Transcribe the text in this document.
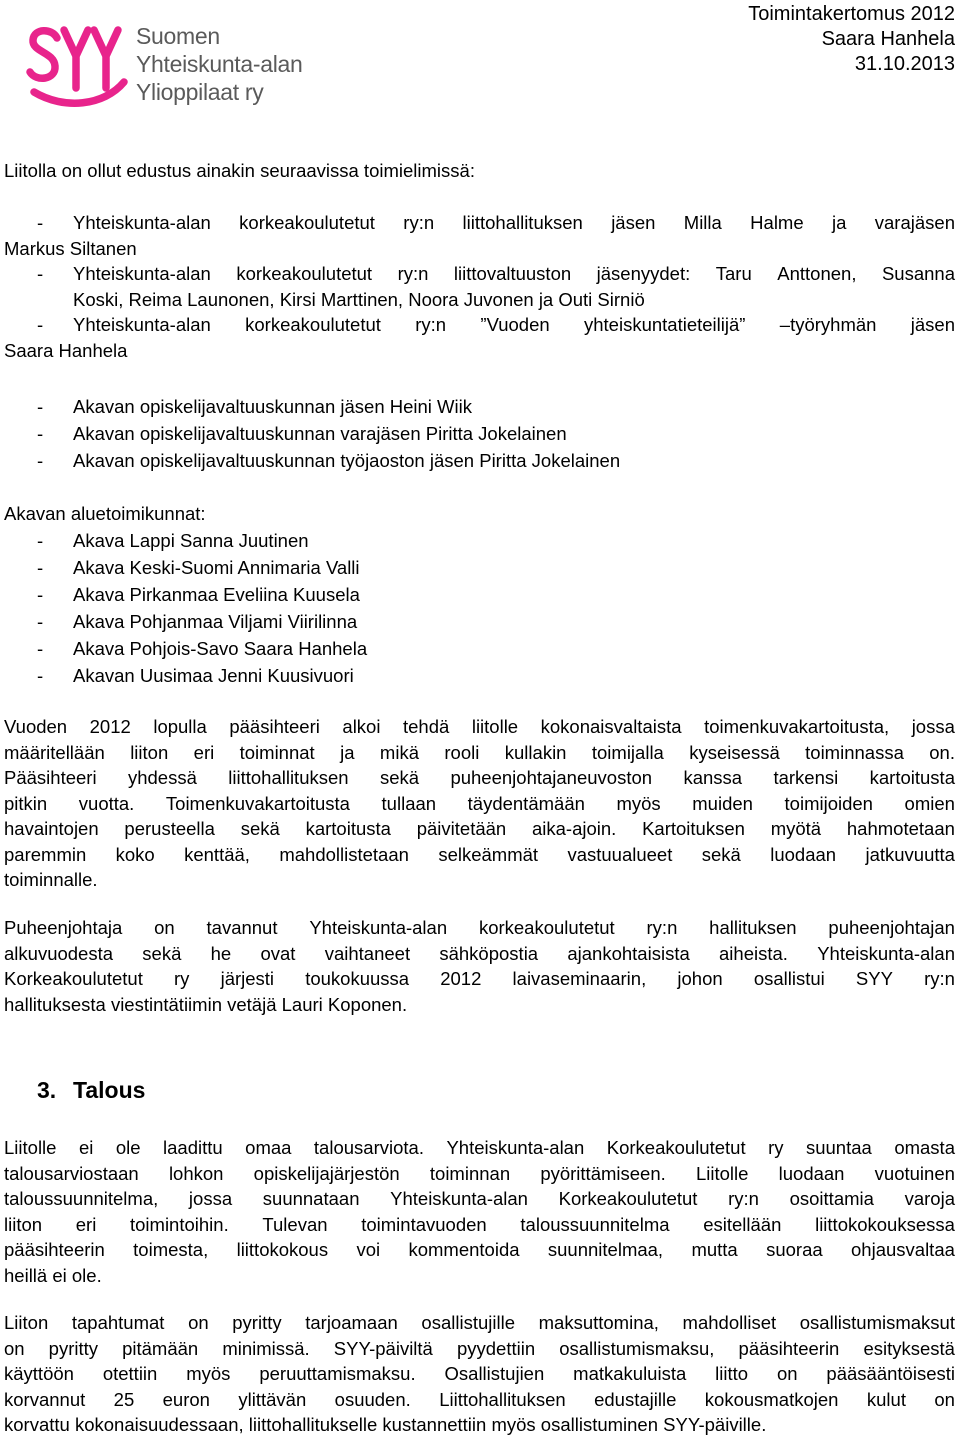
Suomen
Yhteiskunta-alan
Ylioppilaat ry
Toimintakertomus 2012
Saara Hanhela
31.10.2013
Liitolla on ollut edustus ainakin seuraavissa toimielimissä:
- Yhteiskunta-alan korkeakoulutetut ry:n liittohallituksen jäsen Milla Halme ja varajäsen
Markus Siltanen
- Yhteiskunta-alan korkeakoulutetut ry:n liittovaltuuston jäsenyydet: Taru Anttonen, Susanna
Koski, Reima Launonen, Kirsi Marttinen, Noora Juvonen ja Outi Sirniö
- Yhteiskunta-alan korkeakoulutetut ry:n ”Vuoden yhteiskuntatieteilijä” –työryhmän jäsen
Saara Hanhela
- Akavan opiskelijavaltuuskunnan jäsen Heini Wiik
- Akavan opiskelijavaltuuskunnan varajäsen Piritta Jokelainen
- Akavan opiskelijavaltuuskunnan työjaoston jäsen Piritta Jokelainen
Akavan aluetoimikunnat:
- Akava Lappi Sanna Juutinen
- Akava Keski-Suomi Annimaria Valli
- Akava Pirkanmaa Eveliina Kuusela
- Akava Pohjanmaa Viljami Viirilinna
- Akava Pohjois-Savo Saara Hanhela
- Akavan Uusimaa Jenni Kuusivuori
Vuoden 2012 lopulla pääsihteeri alkoi tehdä liitolle kokonaisvaltaista toimenkuvakartoitusta, jossa
määritellään liiton eri toiminnat ja mikä rooli kullakin toimijalla kyseisessä toiminnassa on.
Pääsihteeri yhdessä liittohallituksen sekä puheenjohtajaneuvoston kanssa tarkensi kartoitusta
pitkin vuotta. Toimenkuvakartoitusta tullaan täydentämään myös muiden toimijoiden omien
havaintojen perusteella sekä kartoitusta päivitetään aika-ajoin. Kartoituksen myötä hahmotetaan
paremmin koko kenttää, mahdollistetaan selkeämmät vastuualueet sekä luodaan jatkuvuutta
toiminnalle.
Puheenjohtaja on tavannut Yhteiskunta-alan korkeakoulutetut ry:n hallituksen puheenjohtajan
alkuvuodesta sekä he ovat vaihtaneet sähköpostia ajankohtaisista aiheista. Yhteiskunta-alan
Korkeakoulutetut ry järjesti toukokuussa 2012 laivaseminaarin, johon osallistui SYY ry:n
hallituksesta viestintätiimin vetäjä Lauri Koponen.
3. Talous
Liitolle ei ole laadittu omaa talousarviota. Yhteiskunta-alan Korkeakoulutetut ry suuntaa omasta
talousarviostaan lohkon opiskelijajärjestön toiminnan pyörittämiseen. Liitolle luodaan vuotuinen
taloussuunnitelma, jossa suunnataan Yhteiskunta-alan Korkeakoulutetut ry:n osoittamia varoja
liiton eri toimintoihin. Tulevan toimintavuoden taloussuunnitelma esitellään liittokokouksessa
pääsihteerin toimesta, liittokokous voi kommentoida suunnitelmaa, mutta suoraa ohjausvaltaa
heillä ei ole.
Liiton tapahtumat on pyritty tarjoamaan osallistujille maksuttomina, mahdolliset osallistumismaksut
on pyritty pitämään minimissä. SYY-päiviltä pyydettiin osallistumismaksu, pääsihteerin esityksestä
käyttöön otettiin myös peruuttamismaksu. Osallistujien matkakuluista liitto on pääsääntöisesti
korvannut 25 euron ylittävän osuuden. Liittohallituksen edustajille kokousmatkojen kulut on
korvattu kokonaisuudessaan, liittohallitukselle kustannettiin myös osallistuminen SYY-päiville.
